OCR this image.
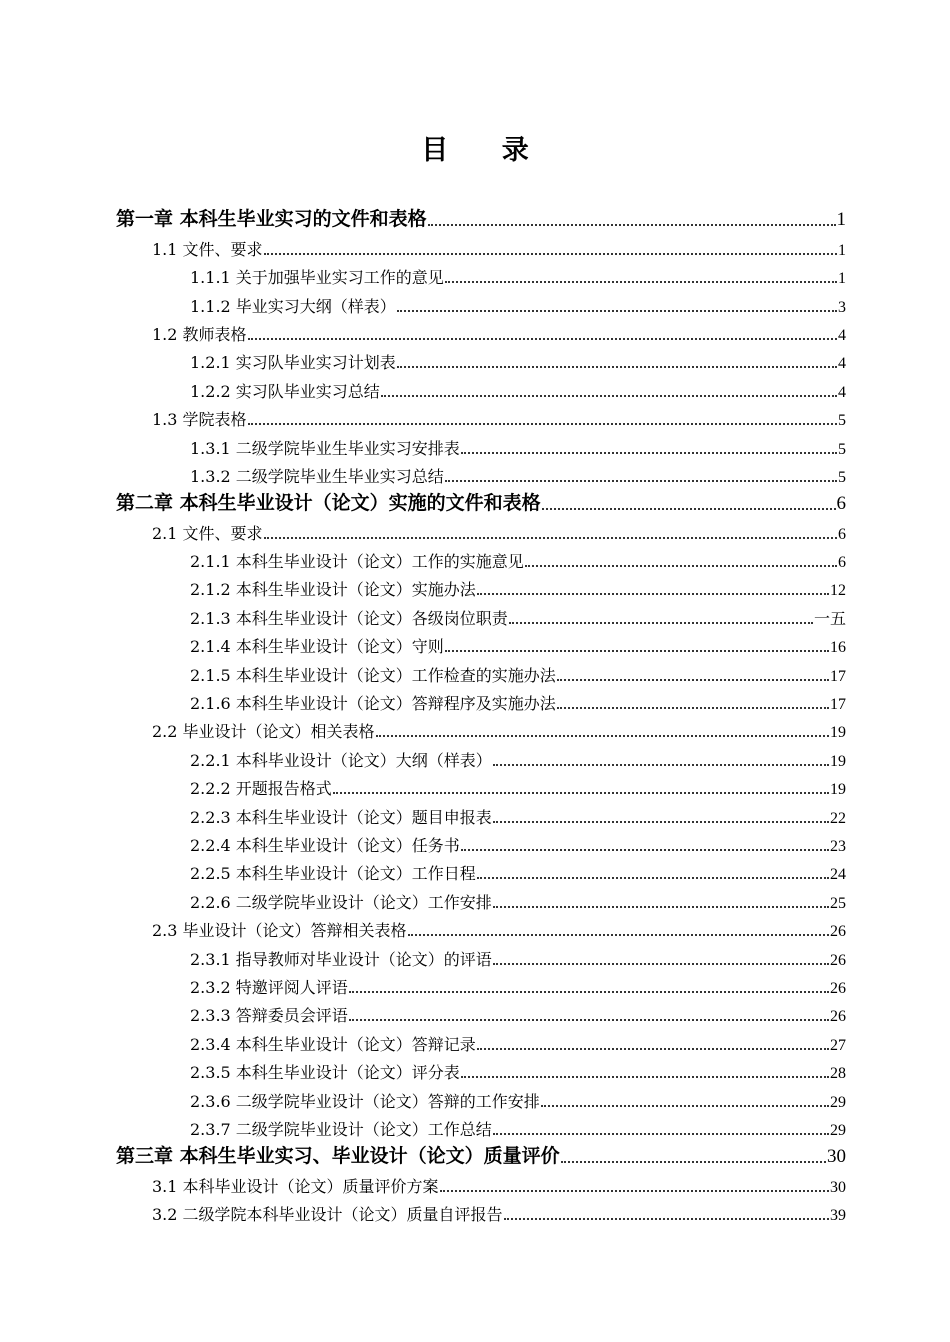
目 录
第一章 本科生毕业实习的文件和表格	1
1.1 文件、要求	1
1.1.1 关于加强毕业实习工作的意见	1
1.1.2 毕业实习大纲（样表）	3
1.2 教师表格	4
1.2.1 实习队毕业实习计划表	4
1.2.2 实习队毕业实习总结	4
1.3 学院表格	5
1.3.1 二级学院毕业生毕业实习安排表	5
1.3.2 二级学院毕业生毕业实习总结	5
第二章 本科生毕业设计（论文）实施的文件和表格	6
2.1 文件、要求	6
2.1.1 本科生毕业设计（论文）工作的实施意见	6
2.1.2 本科生毕业设计（论文）实施办法	12
2.1.3 本科生毕业设计（论文）各级岗位职责	一五
2.1.4 本科生毕业设计（论文）守则	16
2.1.5 本科生毕业设计（论文）工作检查的实施办法	17
2.1.6 本科生毕业设计（论文）答辩程序及实施办法	17
2.2 毕业设计（论文）相关表格	19
2.2.1 本科毕业设计（论文）大纲（样表）	19
2.2.2 开题报告格式	19
2.2.3 本科生毕业设计（论文）题目申报表	22
2.2.4 本科生毕业设计（论文）任务书	23
2.2.5 本科生毕业设计（论文）工作日程	24
2.2.6 二级学院毕业设计（论文）工作安排	25
2.3 毕业设计（论文）答辩相关表格	26
2.3.1 指导教师对毕业设计（论文）的评语	26
2.3.2 特邀评阅人评语	26
2.3.3 答辩委员会评语	26
2.3.4 本科生毕业设计（论文）答辩记录	27
2.3.5 本科生毕业设计（论文）评分表	28
2.3.6 二级学院毕业设计（论文）答辩的工作安排	29
2.3.7 二级学院毕业设计（论文）工作总结	29
第三章 本科生毕业实习、毕业设计（论文）质量评价	30
3.1 本科毕业设计（论文）质量评价方案	30
3.2 二级学院本科毕业设计（论文）质量自评报告	39
